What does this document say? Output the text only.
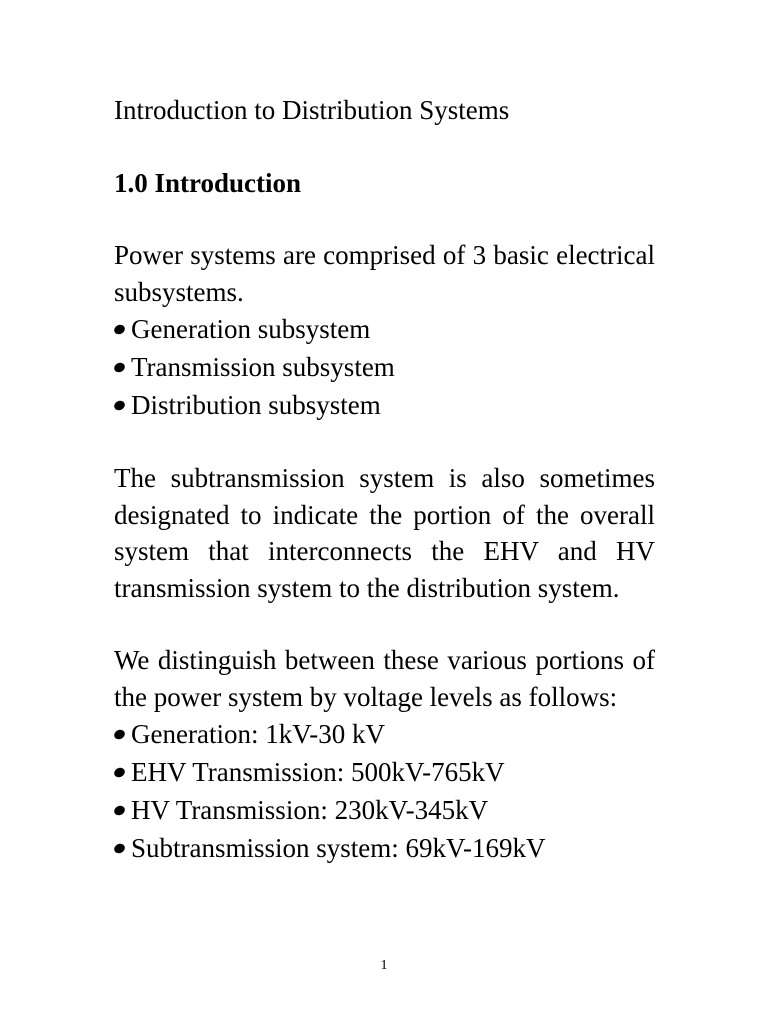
Introduction to Distribution Systems
1.0 Introduction

Power systems are comprised of 3 basic electrical subsystems.

Generation subsystem
Transmission subsystem
Distribution subsystem

The subtransmission system is also sometimes designated to indicate the portion of the overall system that interconnects the EHV and HV transmission system to the distribution system.

We distinguish between these various portions of the power system by voltage levels as follows:

Generation: 1kV-30 kV
EHV Transmission: 500kV-765kV
HV Transmission: 230kV-345kV
Subtransmission system: 69kV-169kV
1
